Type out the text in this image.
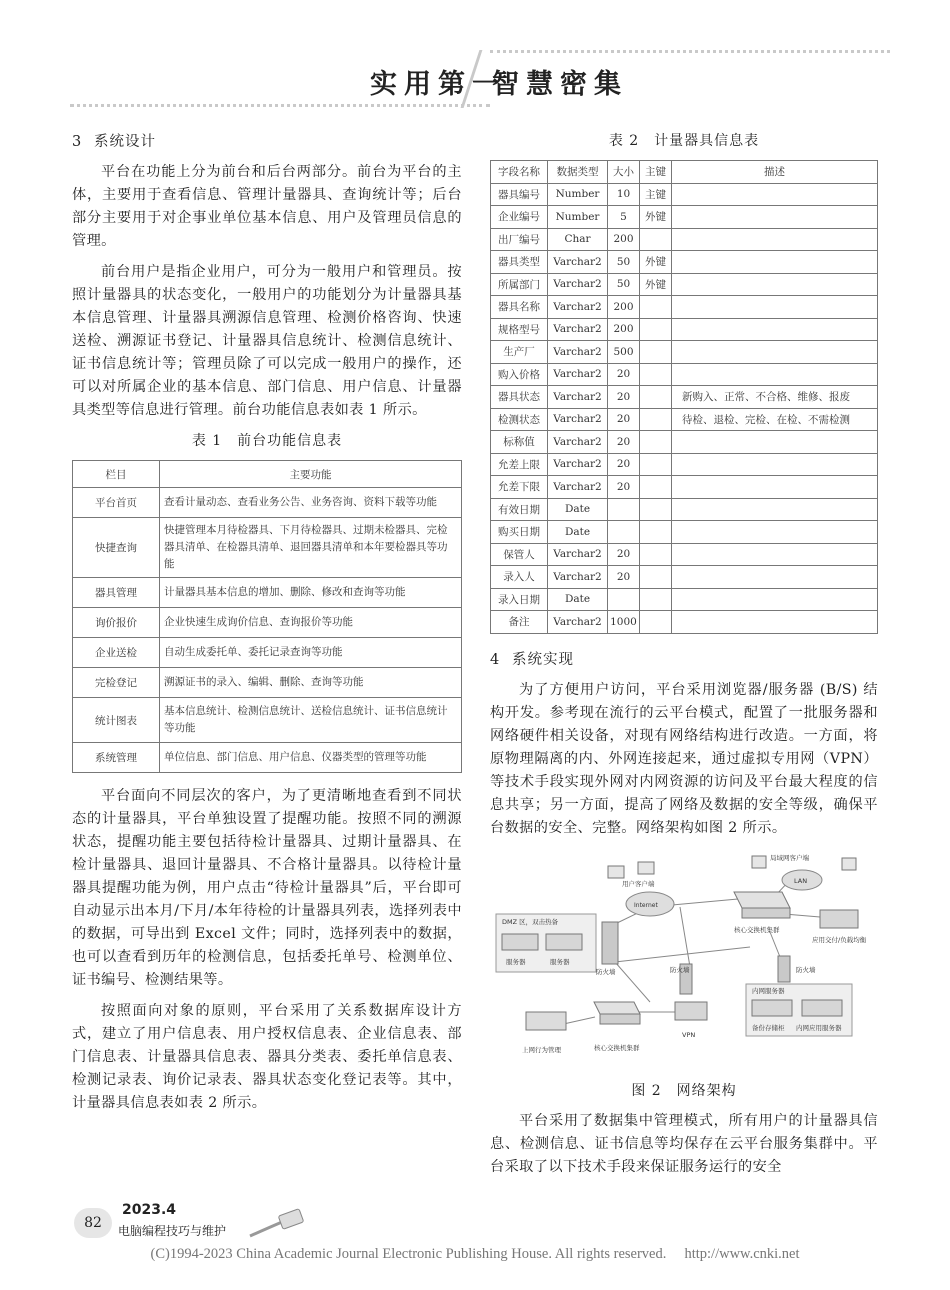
实用第一
智慧密集
3 系统设计

平台在功能上分为前台和后台两部分。前台为平台的主体，主要用于查看信息、管理计量器具、查询统计等；后台部分主要用于对企事业单位基本信息、用户及管理员信息的管理。

前台用户是指企业用户，可分为一般用户和管理员。按照计量器具的状态变化，一般用户的功能划分为计量器具基本信息管理、计量器具溯源信息管理、检测价格咨询、快速送检、溯源证书登记、计量器具信息统计、检测信息统计、证书信息统计等；管理员除了可以完成一般用户的操作，还可以对所属企业的基本信息、部门信息、用户信息、计量器具类型等信息进行管理。前台功能信息表如表 1 所示。

表 1　前台功能信息表
栏目	主要功能
平台首页	查看计量动态、查看业务公告、业务咨询、资料下载等功能
快捷查询	快捷管理本月待检器具、下月待检器具、过期未检器具、完检器具清单、在检器具清单、退回器具清单和本年要检器具等功能
器具管理	计量器具基本信息的增加、删除、修改和查询等功能
询价报价	企业快速生成询价信息、查询报价等功能
企业送检	自动生成委托单、委托记录查询等功能
完检登记	溯源证书的录入、编辑、删除、查询等功能
统计图表	基本信息统计、检测信息统计、送检信息统计、证书信息统计等功能
系统管理	单位信息、部门信息、用户信息、仪器类型的管理等功能

平台面向不同层次的客户，为了更清晰地查看到不同状态的计量器具，平台单独设置了提醒功能。按照不同的溯源状态，提醒功能主要包括待检计量器具、过期计量器具、在检计量器具、退回计量器具、不合格计量器具。以待检计量器具提醒功能为例，用户点击“待检计量器具”后，平台即可自动显示出本月/下月/本年待检的计量器具列表，选择列表中的数据，可导出到 Excel 文件；同时，选择列表中的数据，也可以查看到历年的检测信息，包括委托单号、检测单位、证书编号、检测结果等。

按照面向对象的原则，平台采用了关系数据库设计方式，建立了用户信息表、用户授权信息表、企业信息表、部门信息表、计量器具信息表、器具分类表、委托单信息表、检测记录表、询价记录表、器具状态变化登记表等。其中，计量器具信息表如表 2 所示。

表 2　计量器具信息表
字段名称	数据类型	大小	主键	描述
器具编号	Number	10	主键	
企业编号	Number	5	外键	
出厂编号	Char	200		
器具类型	Varchar2	50	外键	
所属部门	Varchar2	50	外键	
器具名称	Varchar2	200		
规格型号	Varchar2	200		
生产厂	Varchar2	500		
购入价格	Varchar2	20		
器具状态	Varchar2	20		新购入、正常、不合格、维修、报废
检测状态	Varchar2	20		待检、退检、完检、在检、不需检测
标称值	Varchar2	20		
允差上限	Varchar2	20		
允差下限	Varchar2	20		
有效日期	Date			
购买日期	Date			
保管人	Varchar2	20		
录入人	Varchar2	20		
录入日期	Date			
备注	Varchar2	1000		
4 系统实现

为了方便用户访问，平台采用浏览器/服务器 (B/S) 结构开发。参考现在流行的云平台模式，配置了一批服务器和网络硬件相关设备，对现有网络结构进行改造。一方面，将原物理隔离的内、外网连接起来，通过虚拟专用网（VPN）等技术手段实现外网对内网资源的访问及平台最大程度的信息共享；另一方面，提高了网络及数据的安全等级，确保平台数据的安全、完整。网络架构如图 2 所示。

DMZ 区，双击热备
服务器	服务器
防火墙
Internet
用户客户端
防火墙
核心交换机集群
LAN
局域网客户端
应用交付/负载均衡
防火墙
内网服务器
备份存储柜 内网应用服务器
上网行为管理	核心交换机集群
VPN
图 2　网络架构

平台采用了数据集中管理模式，所有用户的计量器具信息、检测信息、证书信息等均保存在云平台服务集群中。平台采取了以下技术手段来保证服务运行的安全

82
2023.4
电脑编程技巧与维护
(C)1994-2023 China Academic Journal Electronic Publishing House. All rights reserved.　 http://www.cnki.net
